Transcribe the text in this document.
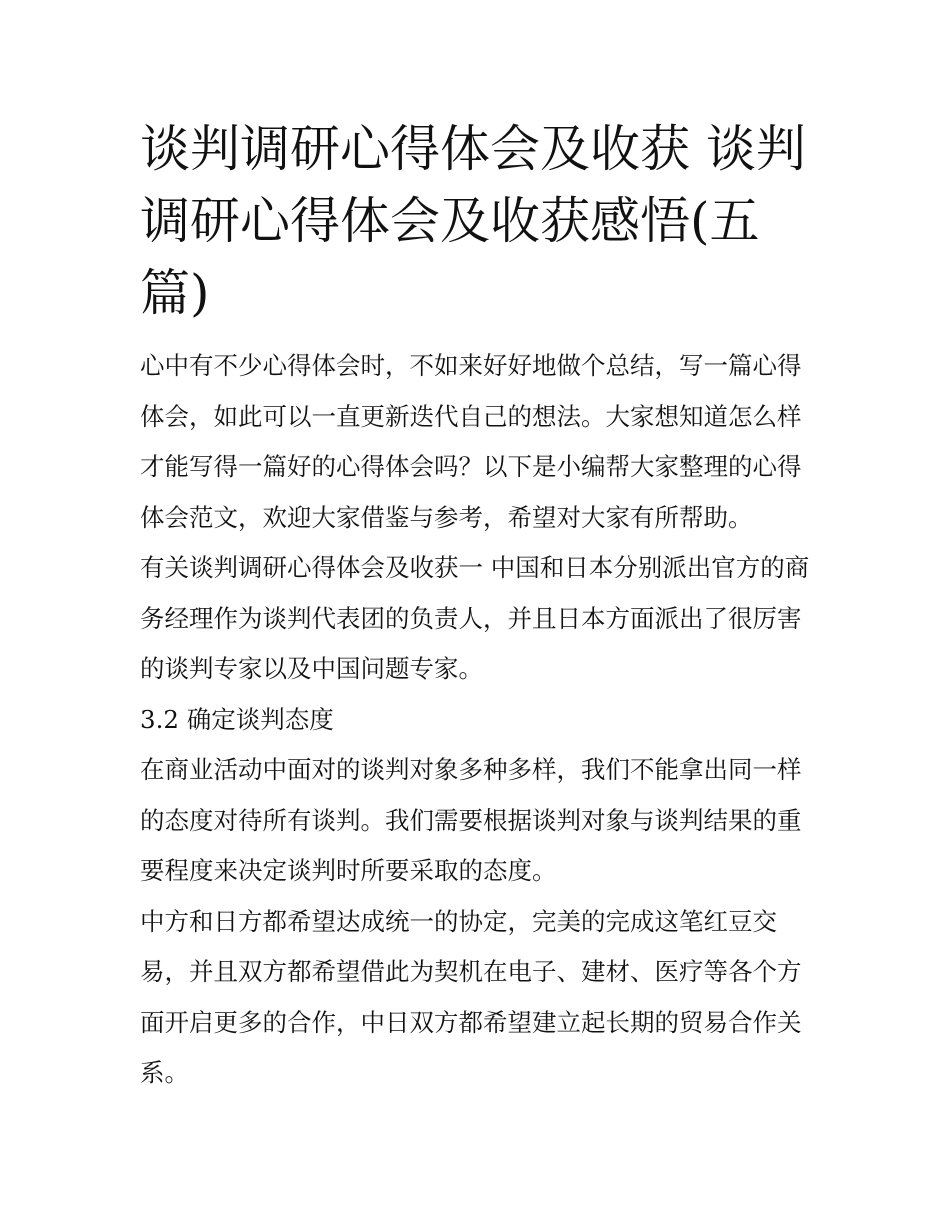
谈判调研心得体会及收获 谈判调研心得体会及收获感悟(五篇)

心中有不少心得体会时，不如来好好地做个总结，写一篇心得体会，如此可以一直更新迭代自己的想法。大家想知道怎么样才能写得一篇好的心得体会吗？以下是小编帮大家整理的心得体会范文，欢迎大家借鉴与参考，希望对大家有所帮助。

有关谈判调研心得体会及收获一 中国和日本分别派出官方的商务经理作为谈判代表团的负责人，并且日本方面派出了很厉害的谈判专家以及中国问题专家。

3.2 确定谈判态度

在商业活动中面对的谈判对象多种多样，我们不能拿出同一样的态度对待所有谈判。我们需要根据谈判对象与谈判结果的重要程度来决定谈判时所要采取的态度。

中方和日方都希望达成统一的协定，完美的完成这笔红豆交易，并且双方都希望借此为契机在电子、建材、医疗等各个方面开启更多的合作，中日双方都希望建立起长期的贸易合作关系。
